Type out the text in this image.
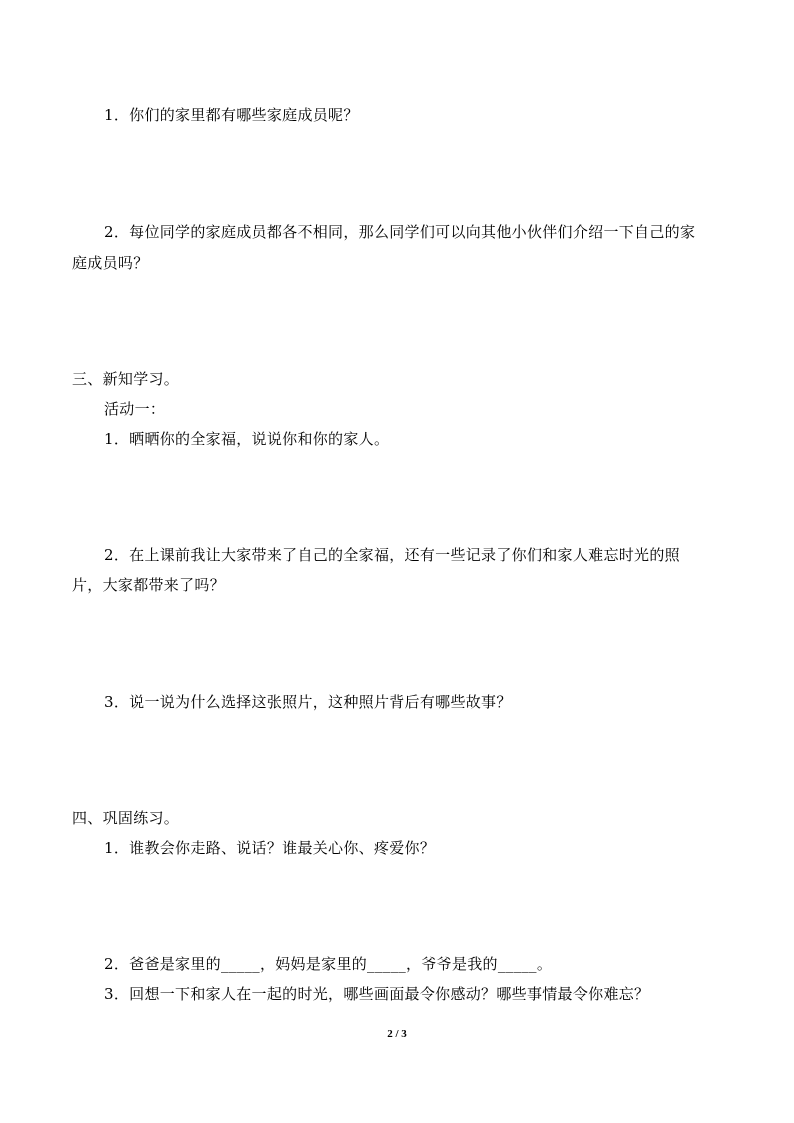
1．你们的家里都有哪些家庭成员呢？
2．每位同学的家庭成员都各不相同，那么同学们可以向其他小伙伴们介绍一下自己的家
庭成员吗？
三、新知学习。
活动一：
1．晒晒你的全家福，说说你和你的家人。
2．在上课前我让大家带来了自己的全家福，还有一些记录了你们和家人难忘时光的照
片，大家都带来了吗？
3．说一说为什么选择这张照片，这种照片背后有哪些故事？
四、巩固练习。
1．谁教会你走路、说话？谁最关心你、疼爱你？
2．爸爸是家里的_____，妈妈是家里的_____，爷爷是我的_____。
3．回想一下和家人在一起的时光，哪些画面最令你感动？哪些事情最令你难忘？
2 / 3
